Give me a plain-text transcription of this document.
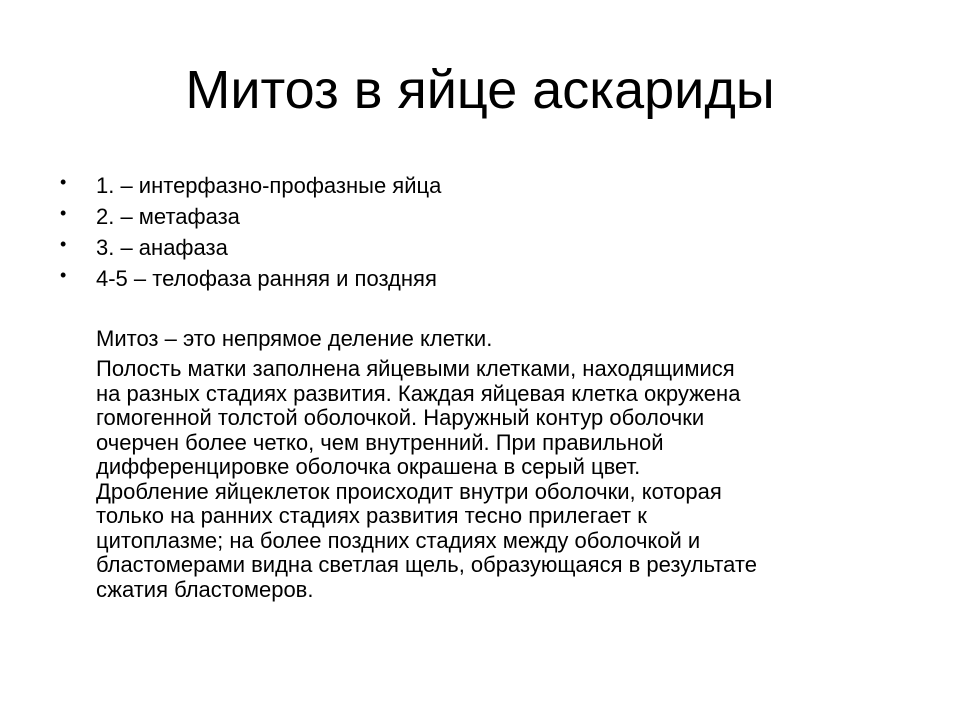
Митоз в яйце аскариды
• 1. – интерфазно-профазные яйца
• 2. – метафаза
• 3. – анафаза
• 4-5 – телофаза ранняя и поздняя

Митоз – это непрямое деление клетки.

Полость матки заполнена яйцевыми клетками, находящимися
на разных стадиях развития. Каждая яйцевая клетка окружена
гомогенной толстой оболочкой. Наружный контур оболочки
очерчен более четко, чем внутренний. При правильной
дифференцировке оболочка окрашена в серый цвет.
Дробление яйцеклеток происходит внутри оболочки, которая
только на ранних стадиях развития тесно прилегает к
цитоплазме; на более поздних стадиях между оболочкой и
бластомерами видна светлая щель, образующаяся в результате
сжатия бластомеров.
